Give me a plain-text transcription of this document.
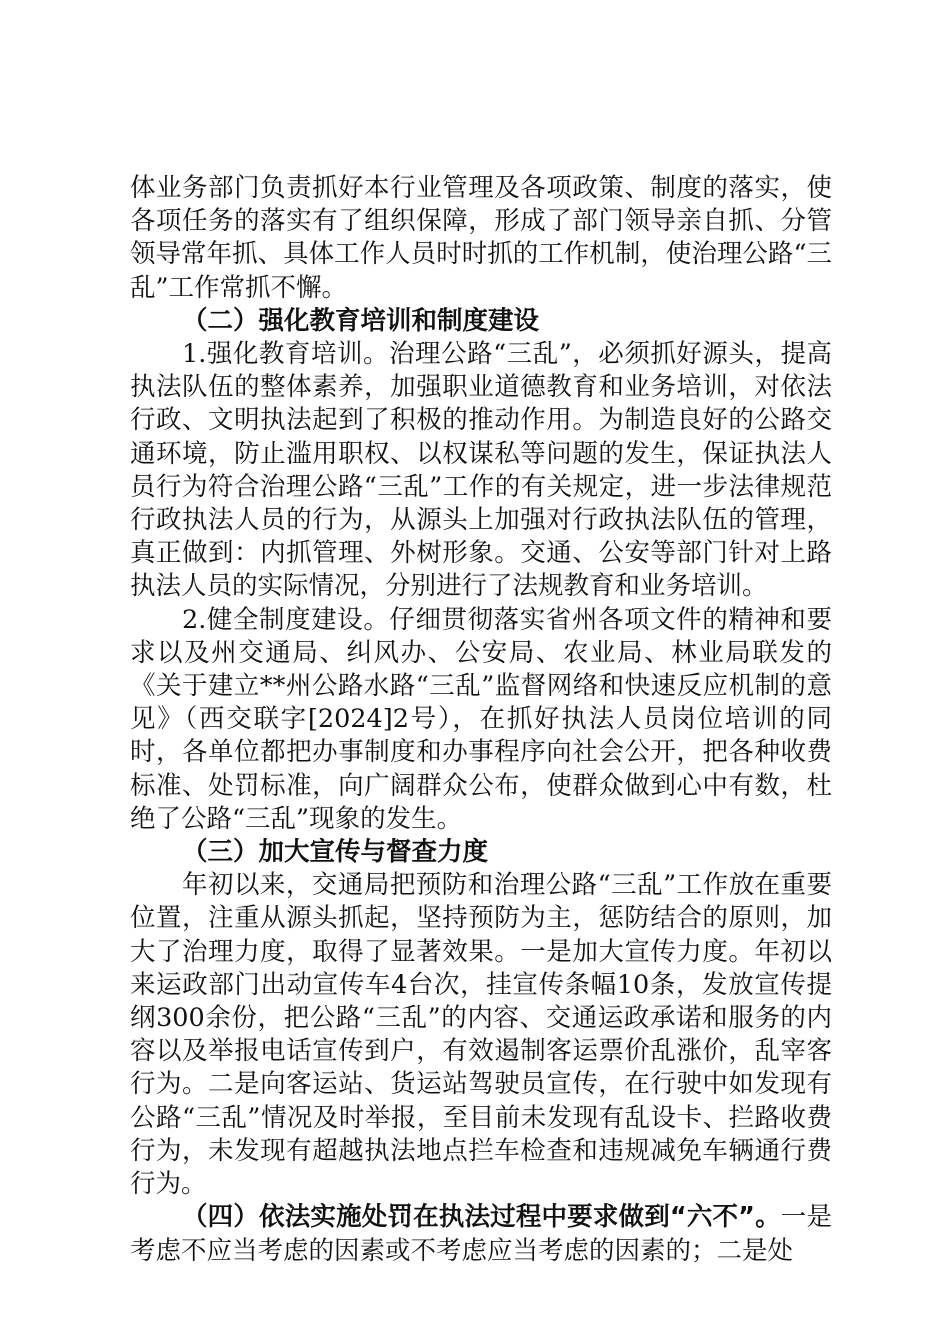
体业务部门负责抓好本行业管理及各项政策、制度的落实，使各项任务的落实有了组织保障，形成了部门领导亲自抓、分管领导常年抓、具体工作人员时时抓的工作机制，使治理公路“三乱”工作常抓不懈。

（二）强化教育培训和制度建设

1.强化教育培训。治理公路“三乱”，必须抓好源头，提高执法队伍的整体素养，加强职业道德教育和业务培训，对依法行政、文明执法起到了积极的推动作用。为制造良好的公路交通环境，防止滥用职权、以权谋私等问题的发生，保证执法人员行为符合治理公路“三乱”工作的有关规定，进一步法律规范行政执法人员的行为，从源头上加强对行政执法队伍的管理，真正做到：内抓管理、外树形象。交通、公安等部门针对上路执法人员的实际情况，分别进行了法规教育和业务培训。

2.健全制度建设。仔细贯彻落实省州各项文件的精神和要求以及州交通局、纠风办、公安局、农业局、林业局联发的《关于建立**州公路水路“三乱”监督网络和快速反应机制的意见》（西交联字[2024]2号），在抓好执法人员岗位培训的同时，各单位都把办事制度和办事程序向社会公开，把各种收费标准、处罚标准，向广阔群众公布，使群众做到心中有数，杜绝了公路“三乱”现象的发生。

（三）加大宣传与督查力度

年初以来，交通局把预防和治理公路“三乱”工作放在重要位置，注重从源头抓起，坚持预防为主，惩防结合的原则，加大了治理力度，取得了显著效果。一是加大宣传力度。年初以来运政部门出动宣传车4台次，挂宣传条幅10条，发放宣传提纲300余份，把公路“三乱”的内容、交通运政承诺和服务的内容以及举报电话宣传到户，有效遏制客运票价乱涨价，乱宰客行为。二是向客运站、货运站驾驶员宣传，在行驶中如发现有公路“三乱”情况及时举报，至目前未发现有乱设卡、拦路收费行为，未发现有超越执法地点拦车检查和违规减免车辆通行费行为。

（四）依法实施处罚在执法过程中要求做到“六不”。一是考虑不应当考虑的因素或不考虑应当考虑的因素的；二是处
